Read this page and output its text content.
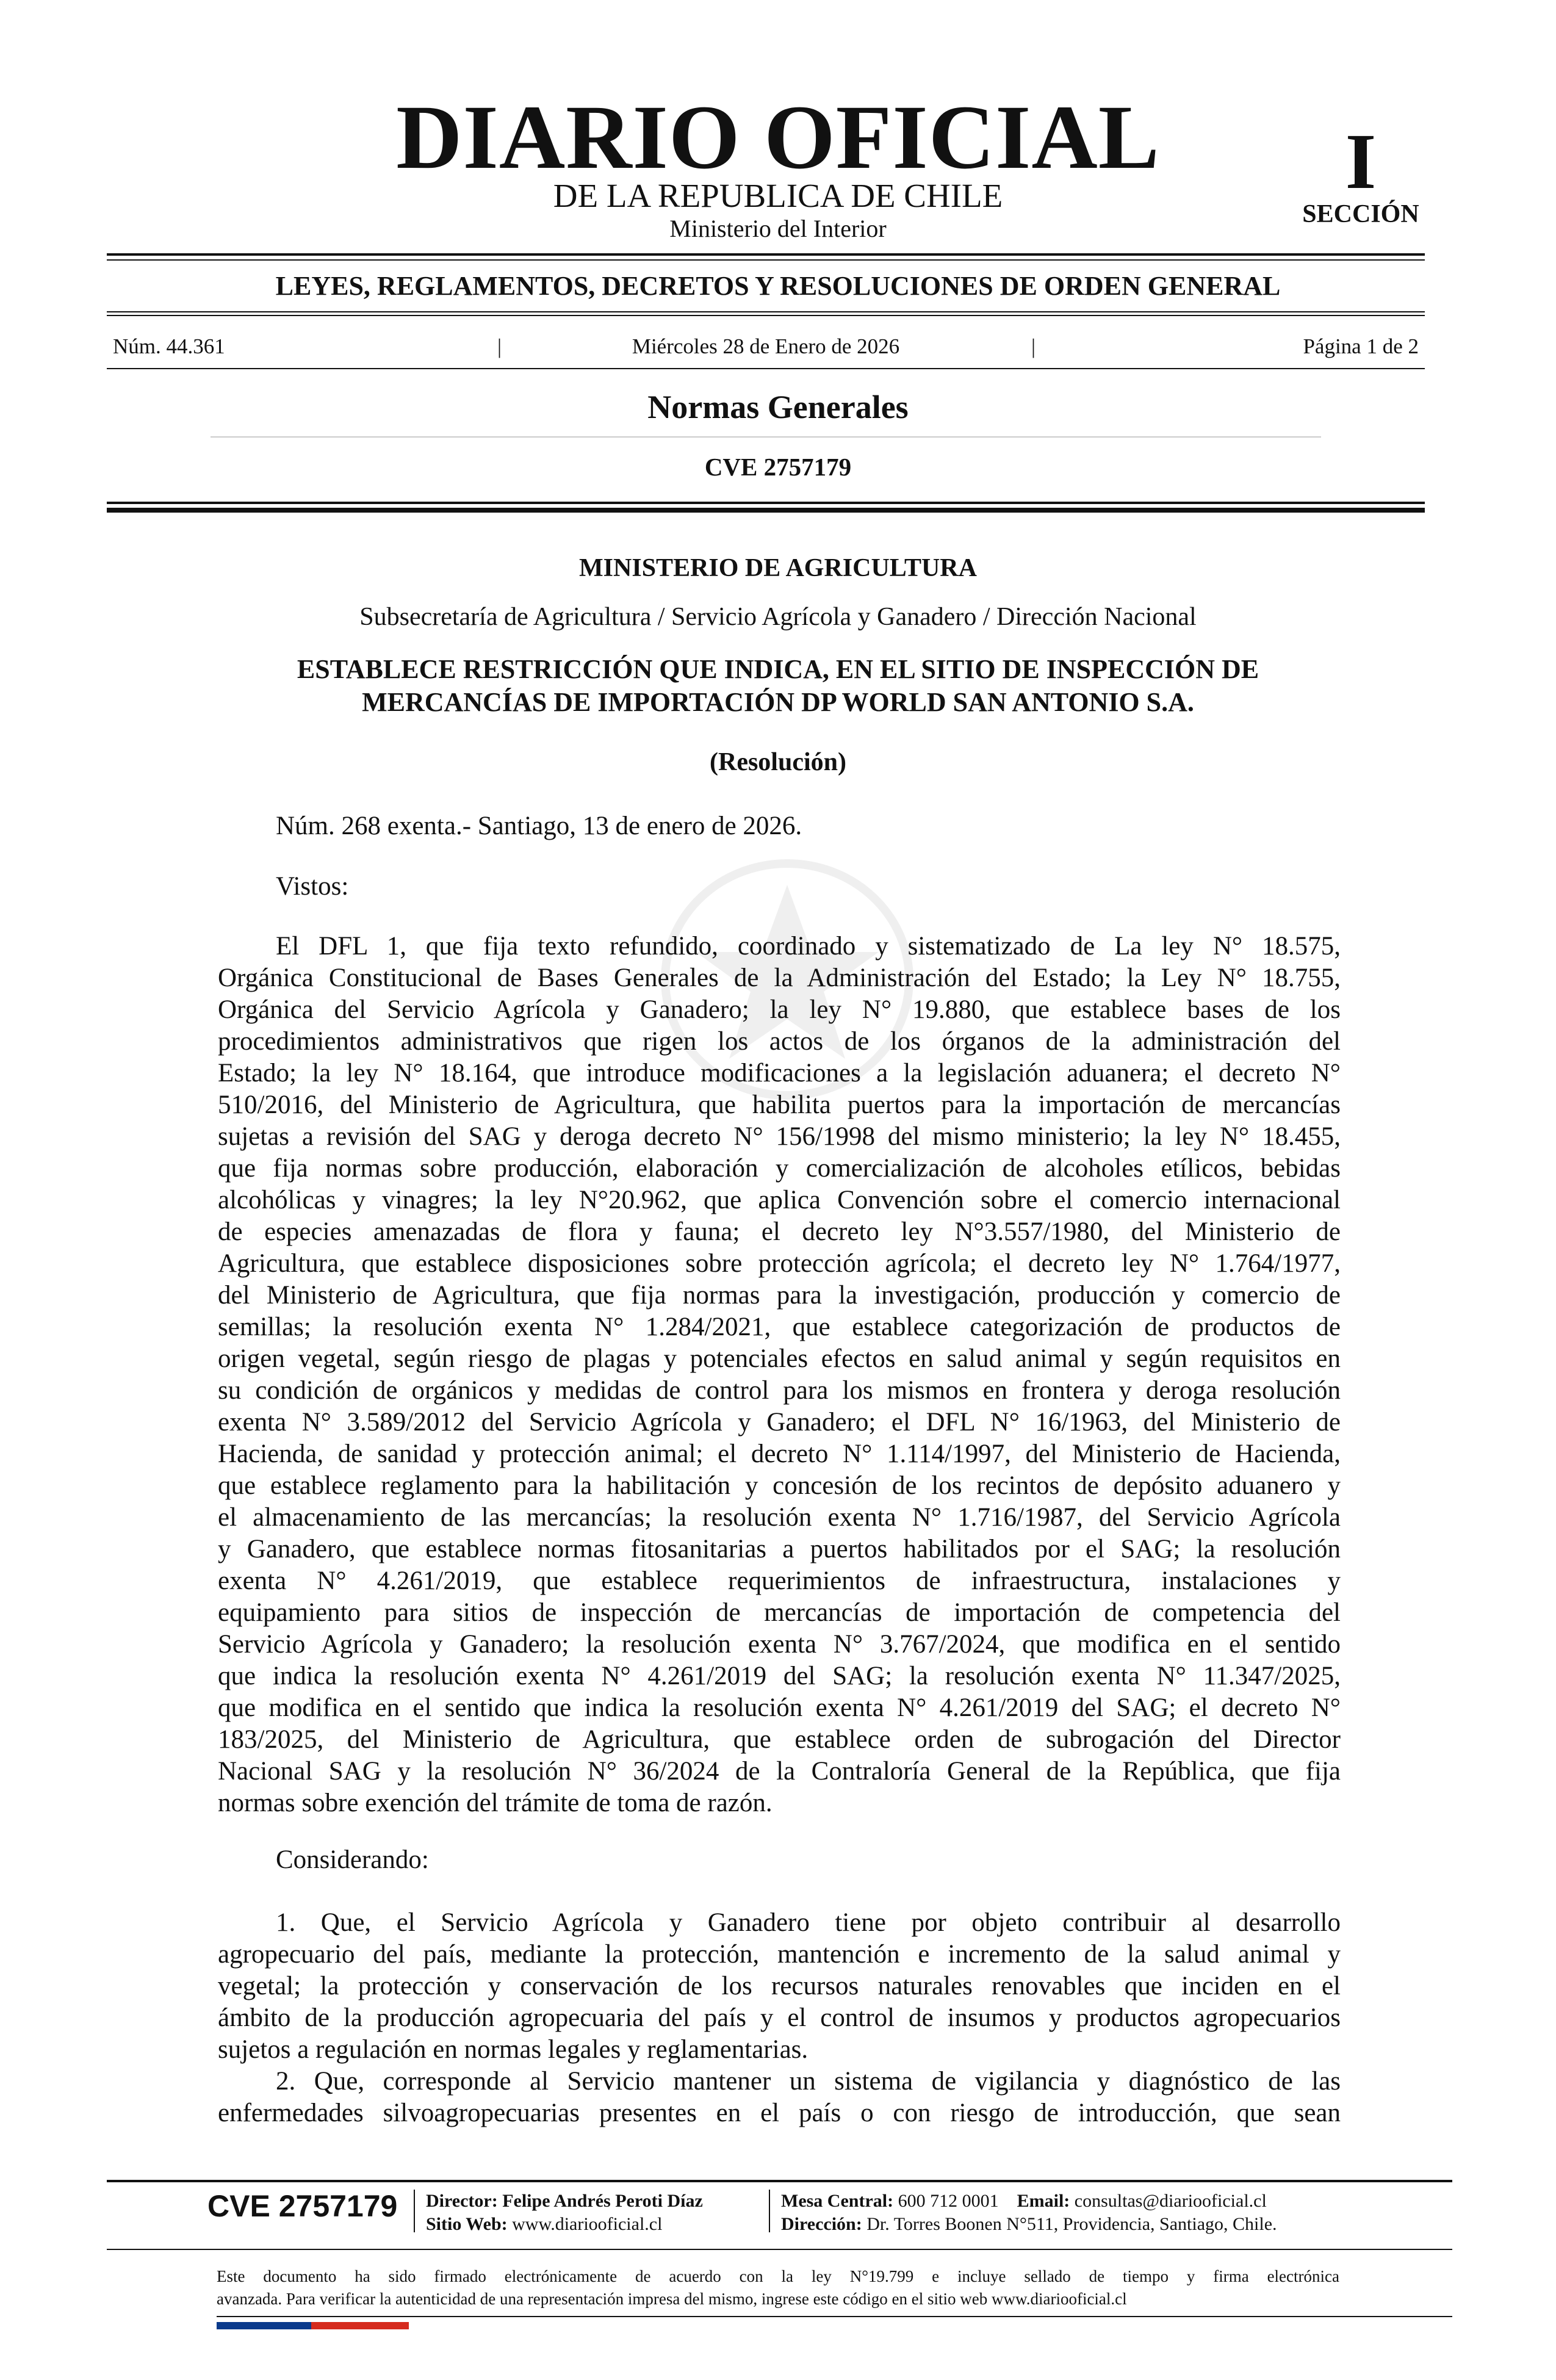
DIARIO OFICIAL
DE LA REPUBLICA DE CHILE
Ministerio del Interior
I
SECCIÓN
LEYES, REGLAMENTOS, DECRETOS Y RESOLUCIONES DE ORDEN GENERAL
Núm. 44.361	|	Miércoles 28 de Enero de 2026	|	Página 1 de 2
Normas Generales
CVE 2757179
MINISTERIO DE AGRICULTURA
Subsecretaría de Agricultura / Servicio Agrícola y Ganadero / Dirección Nacional
ESTABLECE RESTRICCIÓN QUE INDICA, EN EL SITIO DE INSPECCIÓN DE
MERCANCÍAS DE IMPORTACIÓN DP WORLD SAN ANTONIO S.A.
(Resolución)
Núm. 268 exenta.- Santiago, 13 de enero de 2026.
Vistos:
El DFL 1, que fija texto refundido, coordinado y sistematizado de La ley N° 18.575,
Orgánica Constitucional de Bases Generales de la Administración del Estado; la Ley N° 18.755,
Orgánica del Servicio Agrícola y Ganadero; la ley N° 19.880, que establece bases de los
procedimientos administrativos que rigen los actos de los órganos de la administración del
Estado; la ley N° 18.164, que introduce modificaciones a la legislación aduanera; el decreto N°
510/2016, del Ministerio de Agricultura, que habilita puertos para la importación de mercancías
sujetas a revisión del SAG y deroga decreto N° 156/1998 del mismo ministerio; la ley N° 18.455,
que fija normas sobre producción, elaboración y comercialización de alcoholes etílicos, bebidas
alcohólicas y vinagres; la ley N°20.962, que aplica Convención sobre el comercio internacional
de especies amenazadas de flora y fauna; el decreto ley N°3.557/1980, del Ministerio de
Agricultura, que establece disposiciones sobre protección agrícola; el decreto ley N° 1.764/1977,
del Ministerio de Agricultura, que fija normas para la investigación, producción y comercio de
semillas; la resolución exenta N° 1.284/2021, que establece categorización de productos de
origen vegetal, según riesgo de plagas y potenciales efectos en salud animal y según requisitos en
su condición de orgánicos y medidas de control para los mismos en frontera y deroga resolución
exenta N° 3.589/2012 del Servicio Agrícola y Ganadero; el DFL N° 16/1963, del Ministerio de
Hacienda, de sanidad y protección animal; el decreto N° 1.114/1997, del Ministerio de Hacienda,
que establece reglamento para la habilitación y concesión de los recintos de depósito aduanero y
el almacenamiento de las mercancías; la resolución exenta N° 1.716/1987, del Servicio Agrícola
y Ganadero, que establece normas fitosanitarias a puertos habilitados por el SAG; la resolución
exenta N° 4.261/2019, que establece requerimientos de infraestructura, instalaciones y
equipamiento para sitios de inspección de mercancías de importación de competencia del
Servicio Agrícola y Ganadero; la resolución exenta N° 3.767/2024, que modifica en el sentido
que indica la resolución exenta N° 4.261/2019 del SAG; la resolución exenta N° 11.347/2025,
que modifica en el sentido que indica la resolución exenta N° 4.261/2019 del SAG; el decreto N°
183/2025, del Ministerio de Agricultura, que establece orden de subrogación del Director
Nacional SAG y la resolución N° 36/2024 de la Contraloría General de la República, que fija
normas sobre exención del trámite de toma de razón.
Considerando:
1. Que, el Servicio Agrícola y Ganadero tiene por objeto contribuir al desarrollo
agropecuario del país, mediante la protección, mantención e incremento de la salud animal y
vegetal; la protección y conservación de los recursos naturales renovables que inciden en el
ámbito de la producción agropecuaria del país y el control de insumos y productos agropecuarios
sujetos a regulación en normas legales y reglamentarias.
2. Que, corresponde al Servicio mantener un sistema de vigilancia y diagnóstico de las
enfermedades silvoagropecuarias presentes en el país o con riesgo de introducción, que sean
CVE 2757179 Director: Felipe Andrés Peroti Díaz
Sitio Web: www.diariooficial.cl
Mesa Central: 600 712 0001 Email: consultas@diariooficial.cl
Dirección: Dr. Torres Boonen N°511, Providencia, Santiago, Chile.
Este documento ha sido firmado electrónicamente de acuerdo con la ley N°19.799 e incluye sellado de tiempo y firma electrónica
avanzada. Para verificar la autenticidad de una representación impresa del mismo, ingrese este código en el sitio web www.diariooficial.cl
